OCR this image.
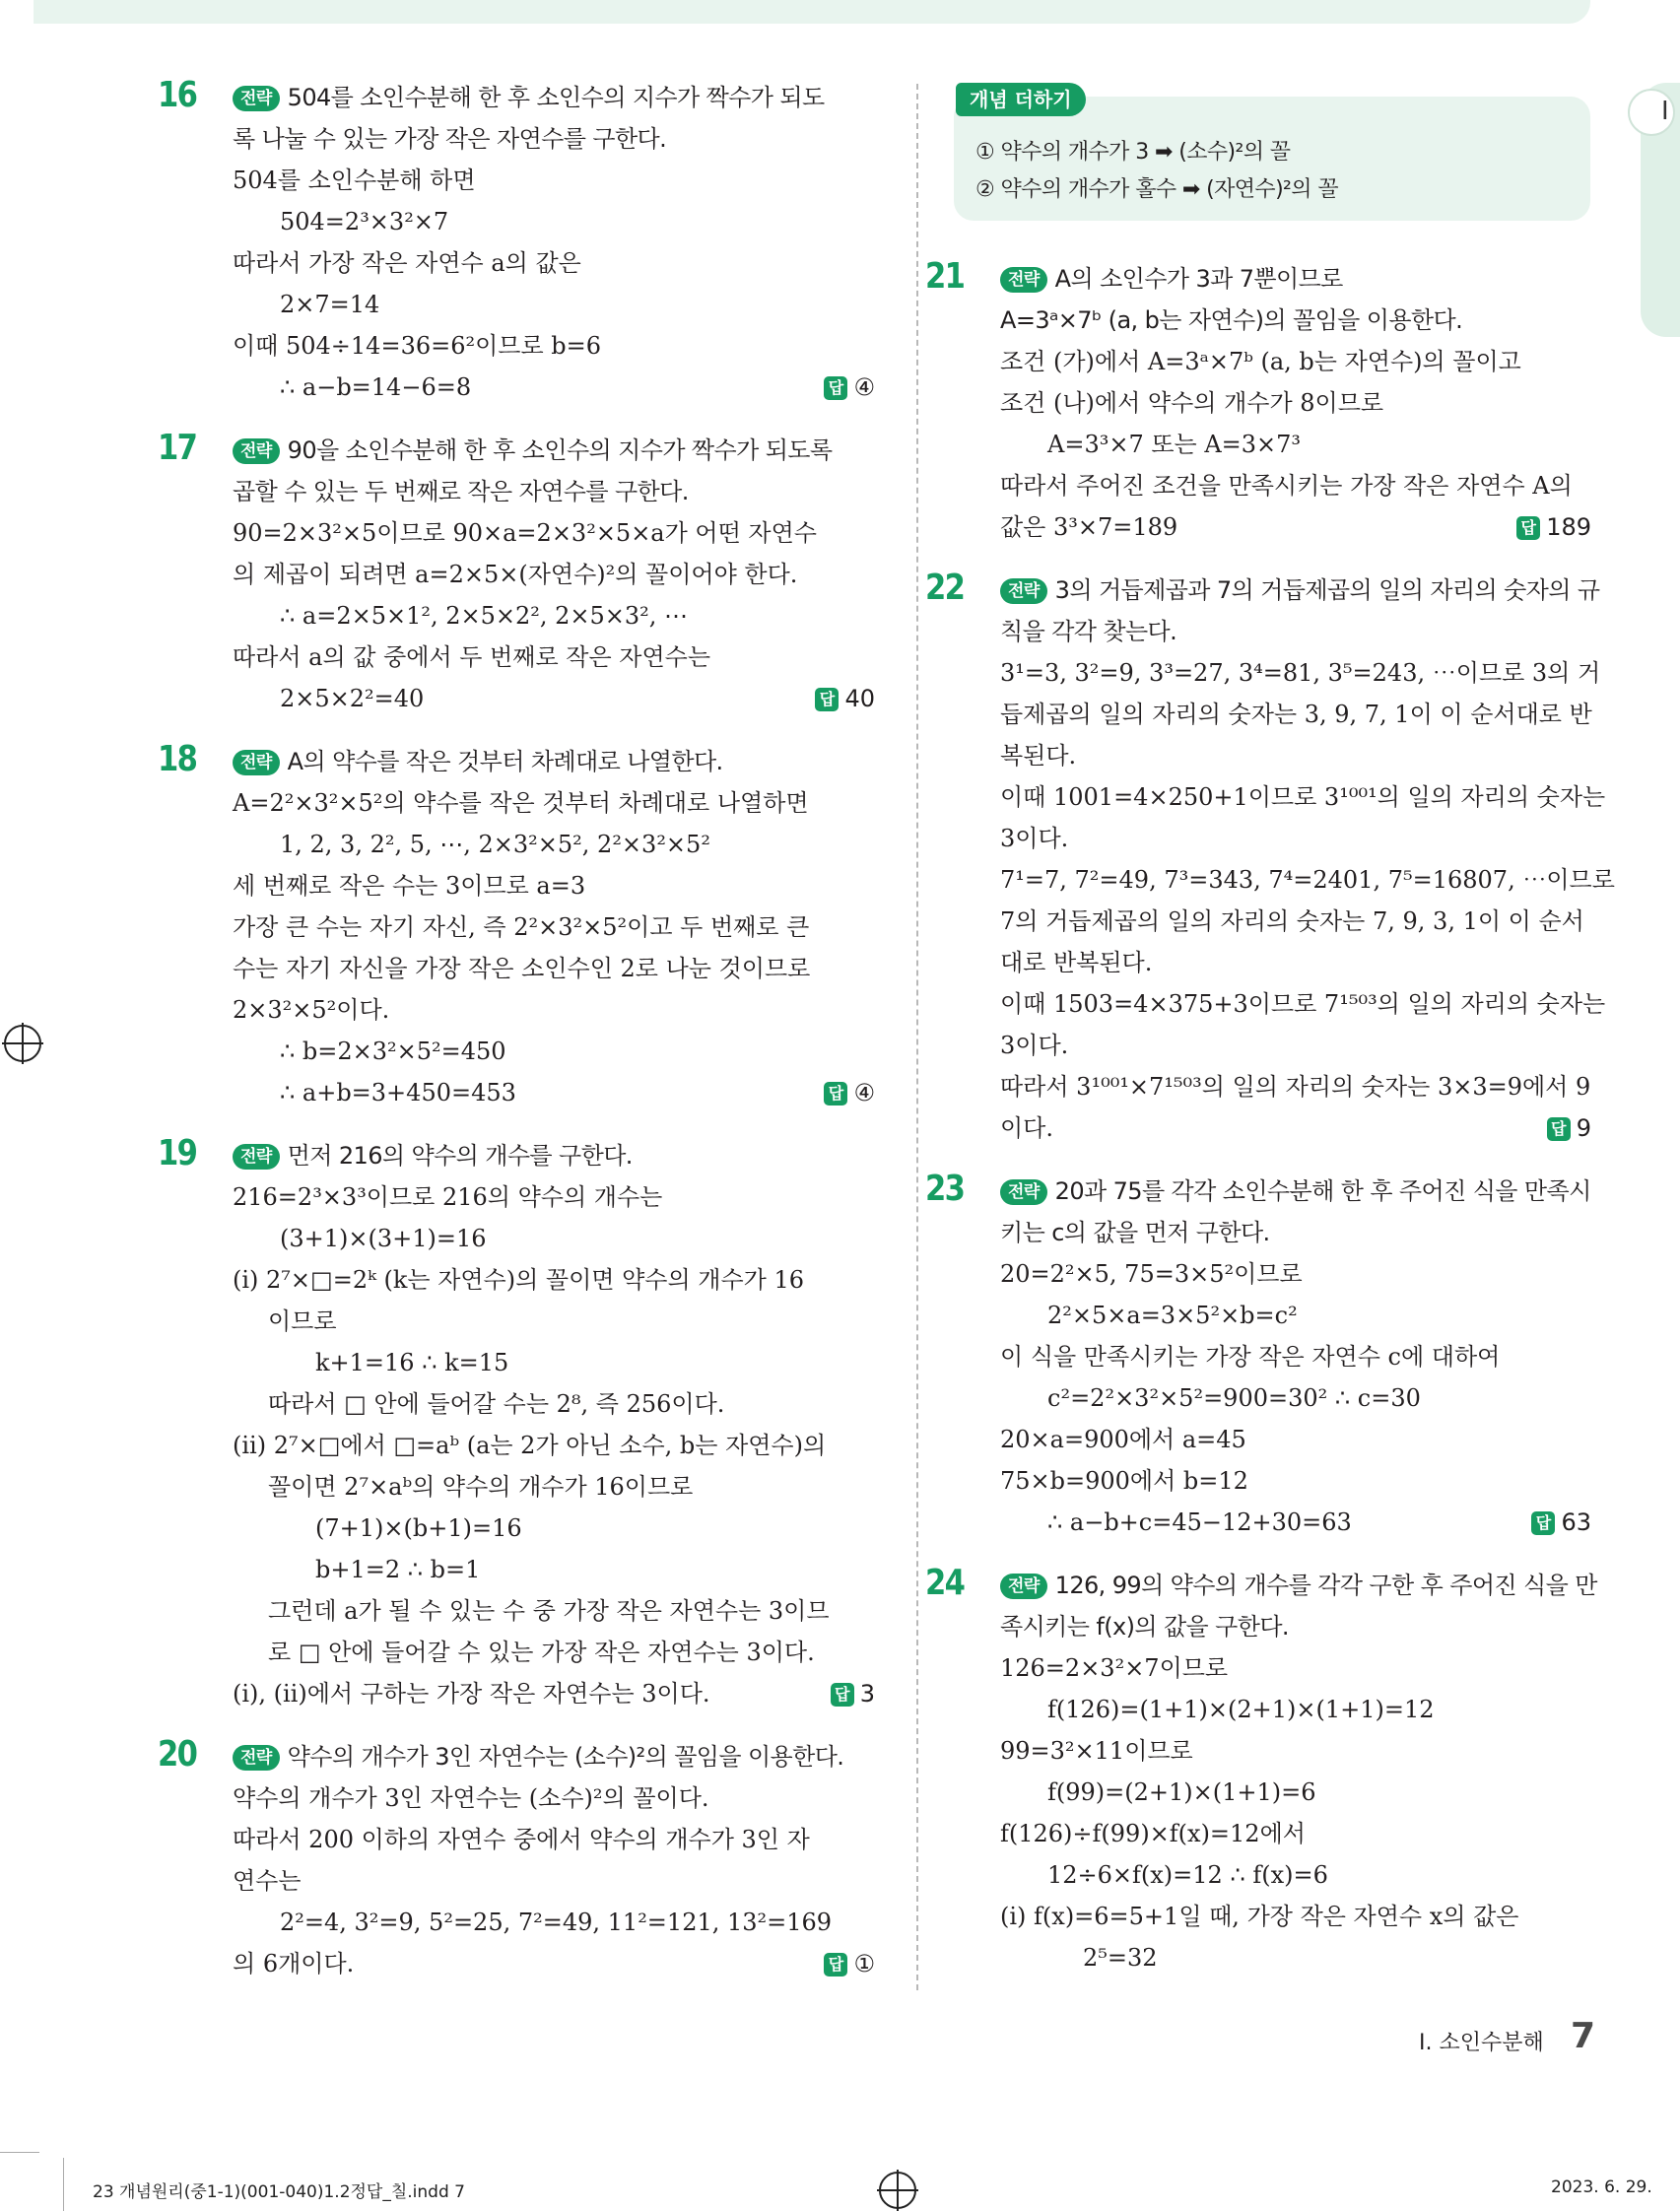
Ⅰ
16	전략 504를 소인수분해 한 후 소인수의 지수가 짝수가 되도
록 나눌 수 있는 가장 작은 자연수를 구한다.
504를 소인수분해 하면
504=2³×3²×7
따라서 가장 작은 자연수 a의 값은
2×7=14
이때 504÷14=36=6²이므로 b=6
∴ a−b=14−6=8	답 ④
17	전략 90을 소인수분해 한 후 소인수의 지수가 짝수가 되도록
곱할 수 있는 두 번째로 작은 자연수를 구한다.
90=2×3²×5이므로 90×a=2×3²×5×a가 어떤 자연수
의 제곱이 되려면 a=2×5×(자연수)²의 꼴이어야 한다.
∴ a=2×5×1², 2×5×2², 2×5×3², ⋯
따라서 a의 값 중에서 두 번째로 작은 자연수는
2×5×2²=40	답 40
18	전략 A의 약수를 작은 것부터 차례대로 나열한다.
A=2²×3²×5²의 약수를 작은 것부터 차례대로 나열하면
1, 2, 3, 2², 5, ⋯, 2×3²×5², 2²×3²×5²
세 번째로 작은 수는 3이므로 a=3
가장 큰 수는 자기 자신, 즉 2²×3²×5²이고 두 번째로 큰
수는 자기 자신을 가장 작은 소인수인 2로 나눈 것이므로
2×3²×5²이다.
∴ b=2×3²×5²=450
∴ a+b=3+450=453	답 ④
19	전략 먼저 216의 약수의 개수를 구한다.
216=2³×3³이므로 216의 약수의 개수는
(3+1)×(3+1)=16
(ⅰ) 2⁷×□=2ᵏ (k는 자연수)의 꼴이면 약수의 개수가 16
이므로
k+1=16 ∴ k=15
따라서 □ 안에 들어갈 수는 2⁸, 즉 256이다.
(ⅱ) 2⁷×□에서 □=aᵇ (a는 2가 아닌 소수, b는 자연수)의
꼴이면 2⁷×aᵇ의 약수의 개수가 16이므로
(7+1)×(b+1)=16
b+1=2 ∴ b=1
그런데 a가 될 수 있는 수 중 가장 작은 자연수는 3이므
로 □ 안에 들어갈 수 있는 가장 작은 자연수는 3이다.
(ⅰ), (ⅱ)에서 구하는 가장 작은 자연수는 3이다.	답 3
20	전략 약수의 개수가 3인 자연수는 (소수)²의 꼴임을 이용한다.
약수의 개수가 3인 자연수는 (소수)²의 꼴이다.
따라서 200 이하의 자연수 중에서 약수의 개수가 3인 자
연수는
2²=4, 3²=9, 5²=25, 7²=49, 11²=121, 13²=169
의 6개이다.	답 ①
개념 더하기
① 약수의 개수가 3 ➡ (소수)²의 꼴
② 약수의 개수가 홀수 ➡ (자연수)²의 꼴
21	전략 A의 소인수가 3과 7뿐이므로
A=3ᵃ×7ᵇ (a, b는 자연수)의 꼴임을 이용한다.
조건 (가)에서 A=3ᵃ×7ᵇ (a, b는 자연수)의 꼴이고
조건 (나)에서 약수의 개수가 8이므로
A=3³×7 또는 A=3×7³
따라서 주어진 조건을 만족시키는 가장 작은 자연수 A의
값은 3³×7=189	답 189
22	전략 3의 거듭제곱과 7의 거듭제곱의 일의 자리의 숫자의 규
칙을 각각 찾는다.
3¹=3, 3²=9, 3³=27, 3⁴=81, 3⁵=243, ⋯이므로 3의 거
듭제곱의 일의 자리의 숫자는 3, 9, 7, 1이 이 순서대로 반
복된다.
이때 1001=4×250+1이므로 3¹⁰⁰¹의 일의 자리의 숫자는
3이다.
7¹=7, 7²=49, 7³=343, 7⁴=2401, 7⁵=16807, ⋯이므로
7의 거듭제곱의 일의 자리의 숫자는 7, 9, 3, 1이 이 순서
대로 반복된다.
이때 1503=4×375+3이므로 7¹⁵⁰³의 일의 자리의 숫자는
3이다.
따라서 3¹⁰⁰¹×7¹⁵⁰³의 일의 자리의 숫자는 3×3=9에서 9
이다.	답 9
23	전략 20과 75를 각각 소인수분해 한 후 주어진 식을 만족시
키는 c의 값을 먼저 구한다.
20=2²×5, 75=3×5²이므로
2²×5×a=3×5²×b=c²
이 식을 만족시키는 가장 작은 자연수 c에 대하여
c²=2²×3²×5²=900=30² ∴ c=30
20×a=900에서 a=45
75×b=900에서 b=12
∴ a−b+c=45−12+30=63	답 63
24	전략 126, 99의 약수의 개수를 각각 구한 후 주어진 식을 만
족시키는 f(x)의 값을 구한다.
126=2×3²×7이므로
f(126)=(1+1)×(2+1)×(1+1)=12
99=3²×11이므로
f(99)=(2+1)×(1+1)=6
f(126)÷f(99)×f(x)=12에서
12÷6×f(x)=12 ∴ f(x)=6
(ⅰ) f(x)=6=5+1일 때, 가장 작은 자연수 x의 값은
2⁵=32
Ⅰ. 소인수분해 7
23 개념원리(중1-1)(001-040)1.2정답_칠.indd 7	2023. 6. 29.
